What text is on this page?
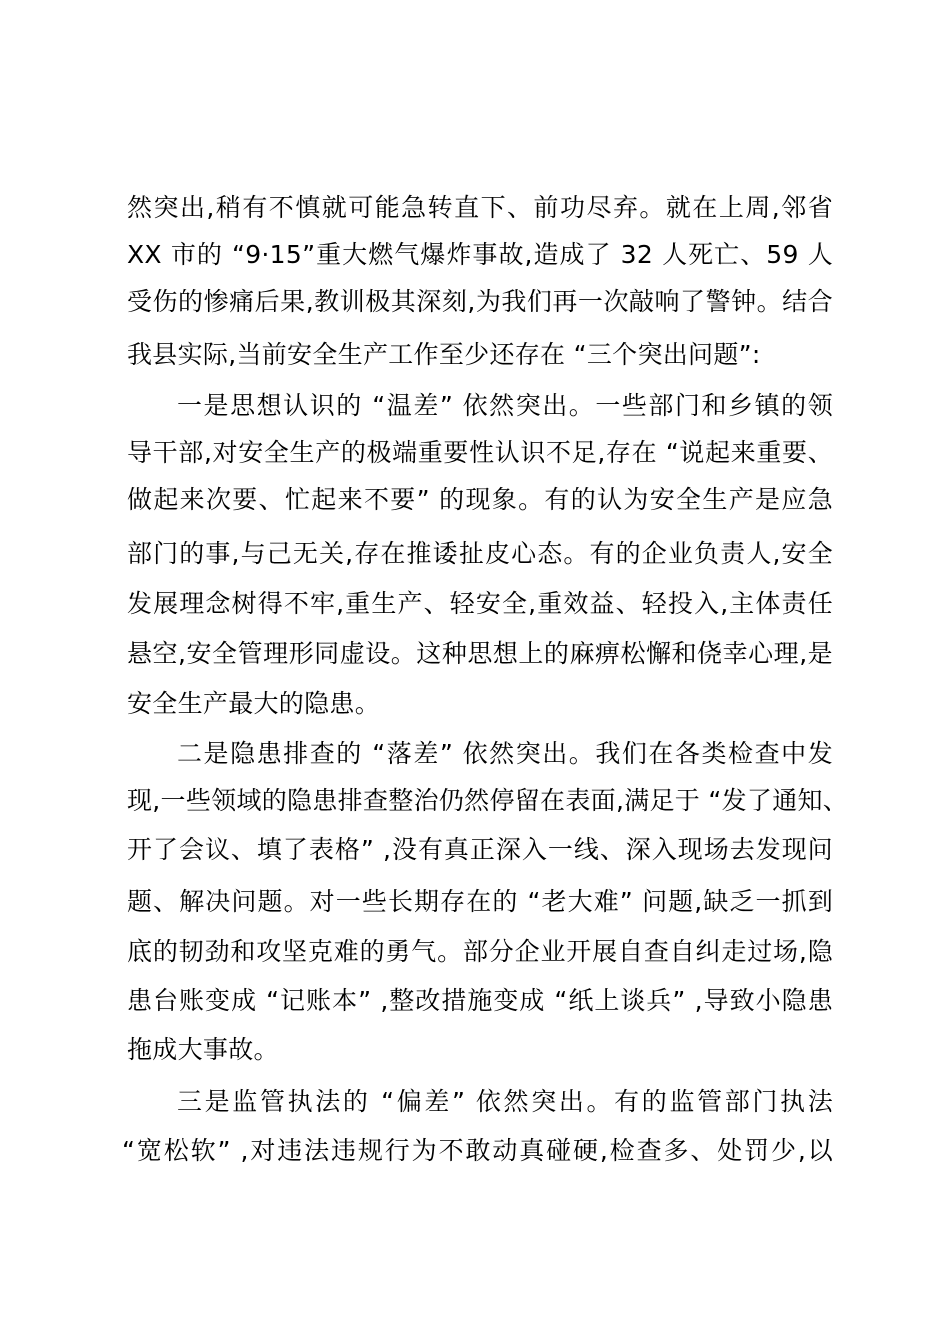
然突出,稍有不慎就可能急转直下、前功尽弃。就在上周,邻省

XX 市的 “9·15”重大燃气爆炸事故,造成了 32 人死亡、59 人

受伤的惨痛后果,教训极其深刻,为我们再一次敲响了警钟。结合

我县实际,当前安全生产工作至少还存在 “三个突出问题”:

一是思想认识的 “温差” 依然突出。一些部门和乡镇的领

导干部,对安全生产的极端重要性认识不足,存在 “说起来重要、

做起来次要、忙起来不要” 的现象。有的认为安全生产是应急

部门的事,与己无关,存在推诿扯皮心态。有的企业负责人,安全

发展理念树得不牢,重生产、轻安全,重效益、轻投入,主体责任

悬空,安全管理形同虚设。这种思想上的麻痹松懈和侥幸心理,是

安全生产最大的隐患。

二是隐患排查的 “落差” 依然突出。我们在各类检查中发

现,一些领域的隐患排查整治仍然停留在表面,满足于 “发了通知、

开了会议、填了表格” ,没有真正深入一线、深入现场去发现问

题、解决问题。对一些长期存在的 “老大难” 问题,缺乏一抓到

底的韧劲和攻坚克难的勇气。部分企业开展自查自纠走过场,隐

患台账变成 “记账本” ,整改措施变成 “纸上谈兵” ,导致小隐患

拖成大事故。

三是监管执法的 “偏差” 依然突出。有的监管部门执法

“宽松软” ,对违法违规行为不敢动真碰硬,检查多、处罚少,以
